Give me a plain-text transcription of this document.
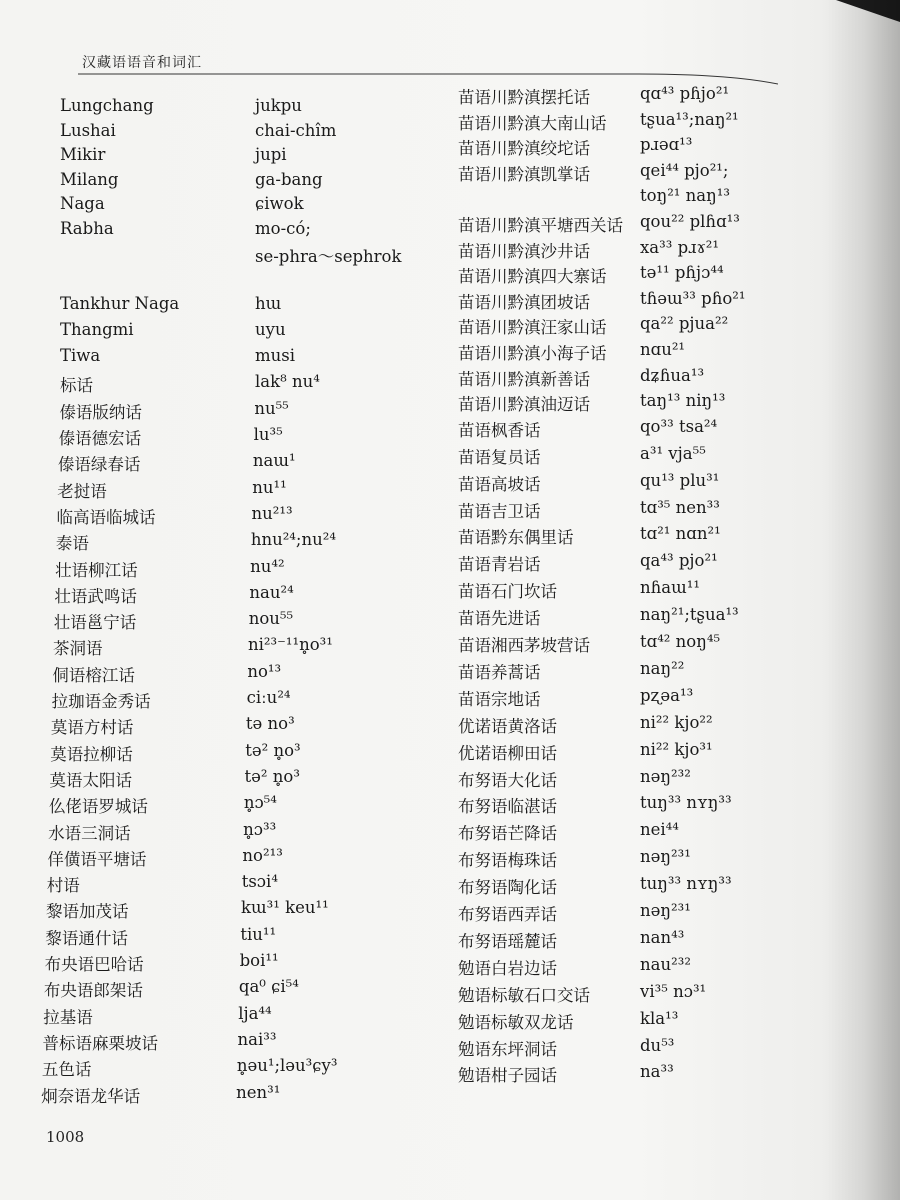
汉藏语语音和词汇
Lungchang	jukpu
Lushai	chai-chîm
Mikir	jupi
Milang	ga-bang
Naga	ɕiwok
Rabha	mo-có;
se-phra～sephrok
Tankhur Naga	hɯ
Thangmi	uyu
Tiwa	musi
标话	lak⁸ nu⁴
傣语版纳话	nu⁵⁵
傣语德宏话	lu³⁵
傣语绿春话	naɯ¹
老挝语	nu¹¹
临高语临城话	nu²¹³
泰语	hnu²⁴;nu²⁴
壮语柳江话	nu⁴²
壮语武鸣话	nau²⁴
壮语邕宁话	nou⁵⁵
茶洞语	ni²³⁻¹¹n̥o³¹
侗语榕江话	no¹³
拉珈语金秀话	ciːu²⁴
莫语方村话	tə no³
莫语拉柳话	tə² n̥o³
莫语太阳话	tə² n̥o³
仫佬语罗城话	n̥ɔ⁵⁴
水语三洞话	n̥ɔ³³
佯僙语平塘话	no²¹³
村语	tsɔi⁴
黎语加茂话	kɯ³¹ keu¹¹
黎语通什话	tiu¹¹
布央语巴哈话	boi¹¹
布央语郎架话	qa⁰ ɕi⁵⁴
拉基语	lja⁴⁴
普标语麻栗坡话	nai³³
五色话	n̥əu¹;ləu³ɕy³
炯奈语龙华话	nen³¹
苗语川黔滇摆托话	qɑ⁴³ pɦjo²¹
苗语川黔滇大南山话 tʂua¹³;naŋ²¹
苗语川黔滇绞坨话	pɹəɑ¹³
苗语川黔滇凯掌话	qei⁴⁴ pjo²¹;
toŋ²¹ naŋ¹³
苗语川黔滇平塘西关话 qou²² plɦɑ¹³
苗语川黔滇沙井话	xa³³ pɹɤ²¹
苗语川黔滇四大寨话 tə¹¹ pɦjɔ⁴⁴
苗语川黔滇团坡话	tɦəɯ³³ pɦo²¹
苗语川黔滇汪家山话 qa²² pjua²²
苗语川黔滇小海子话 nɑu²¹
苗语川黔滇新善话	dʑɦua¹³
苗语川黔滇油迈话	taŋ¹³ niŋ¹³
苗语枫香话	qo³³ tsa²⁴
苗语复员话	a³¹ vja⁵⁵
苗语高坡话	qu¹³ plu³¹
苗语吉卫话	tɑ³⁵ nen³³
苗语黔东偶里话	tɑ²¹ nɑn²¹
苗语青岩话	qa⁴³ pjo²¹
苗语石门坎话	nɦaɯ¹¹
苗语先进话	naŋ²¹;tʂua¹³
苗语湘西茅坡营话	tɑ⁴² noŋ⁴⁵
苗语养蒿话	naŋ²²
苗语宗地话	pʐəa¹³
优诺语黄洛话	ni²² kjo²²
优诺语柳田话	ni²² kjo³¹
布努语大化话	nəŋ²³²
布努语临湛话	tuŋ³³ nʏŋ³³
布努语芒降话	nei⁴⁴
布努语梅珠话	nəŋ²³¹
布努语陶化话	tuŋ³³ nʏŋ³³
布努语西弄话	nəŋ²³¹
布努语瑶麓话	nan⁴³
勉语白岩边话	nau²³²
勉语标敏石口交话	vi³⁵ nɔ³¹
勉语标敏双龙话	kla¹³
勉语东坪洞话	du⁵³
勉语柑子园话	na³³
1008
